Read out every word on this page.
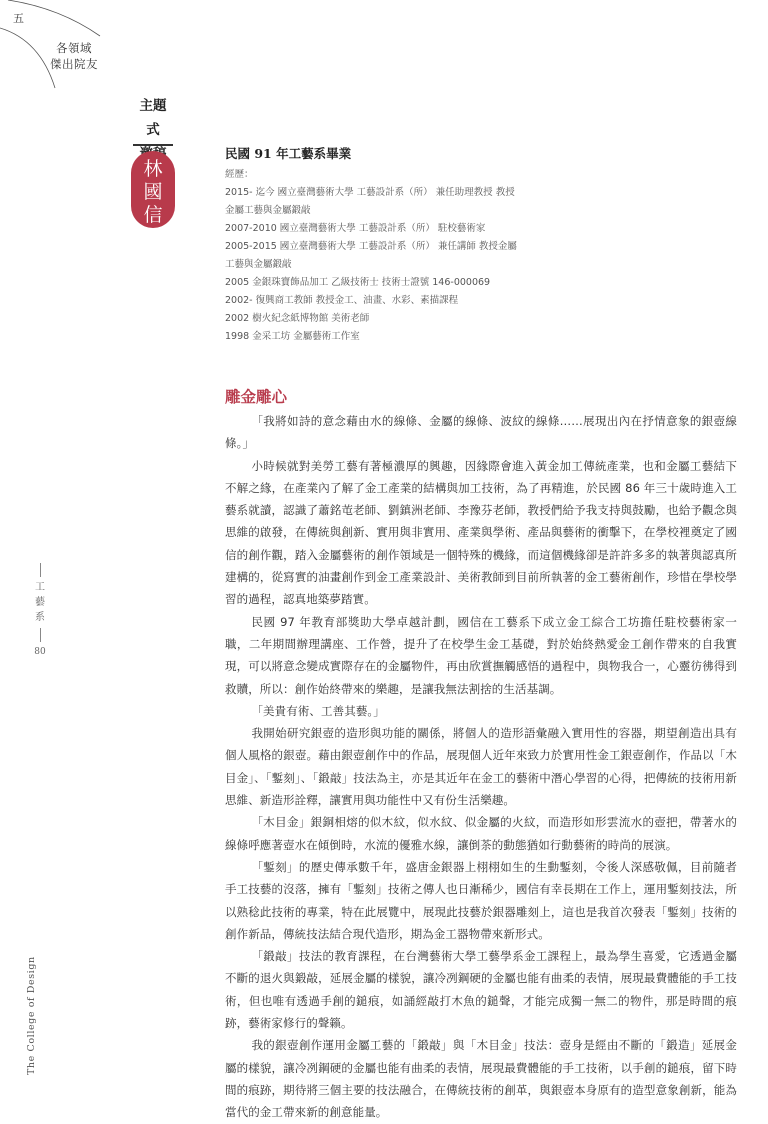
五
各領域
傑出院友
主題式
林
國
信
民國 91 年工藝系畢業
經歷：
2015- 迄今 國立臺灣藝術大學 工藝設計系（所） 兼任助理教授 教授
金屬工藝與金屬鍛敲
2007-2010 國立臺灣藝術大學 工藝設計系（所） 駐校藝術家
2005-2015 國立臺灣藝術大學 工藝設計系（所） 兼任講師 教授金屬
工藝與金屬鍛敲
2005 金銀珠寶飾品加工 乙級技術士 技術士證號 146-000069
2002- 復興商工教師 教授金工、油畫、水彩、素描課程
2002 樹火紀念紙博物館 美術老師
1998 金采工坊 金屬藝術工作室
雕金雕心

「我將如詩的意念藉由水的線條、金屬的線條、波紋的線條……展現出內在抒情意象的銀壺線條。」

小時候就對美勞工藝有著極濃厚的興趣，因緣際會進入黃金加工傳統產業，也和金屬工藝結下不解之緣，在產業內了解了金工產業的結構與加工技術，為了再精進，於民國 86 年三十歲時進入工藝系就讀，認識了蕭銘芚老師、劉鎮洲老師、李豫芬老師，教授們給予我支持與鼓勵，也給予觀念與思維的啟發，在傳統與創新、實用與非實用、產業與學術、產品與藝術的衝擊下，在學校裡奠定了國信的創作觀，踏入金屬藝術的創作領域是一個特殊的機緣，而這個機緣卻是許許多多的執著與認真所建構的，從寫實的油畫創作到金工產業設計、美術教師到目前所執著的金工藝術創作，珍惜在學校學習的過程，認真地築夢踏實。

民國 97 年教育部獎助大學卓越計劃，國信在工藝系下成立金工綜合工坊擔任駐校藝術家一職，二年期間辦理講座、工作營，提升了在校學生金工基礎，對於始終熱愛金工創作帶來的自我實現，可以將意念變成實際存在的金屬物件，再由欣賞撫觸感悟的過程中，與物我合一，心靈彷彿得到救贖，所以：創作始終帶來的樂趣，是讓我無法割捨的生活基調。

「美貴有術、工善其藝。」

我開始研究銀壺的造形與功能的關係，將個人的造形語彙融入實用性的容器，期望創造出具有個人風格的銀壺。藉由銀壺創作中的作品，展現個人近年來致力於實用性金工銀壺創作，作品以「木目金」、「鏨刻」、「鍛敲」技法為主，亦是其近年在金工的藝術中潛心學習的心得，把傳統的技術用新思維、新造形詮釋，讓實用與功能性中又有份生活樂趣。

「木目金」銀銅相熔的似木紋，似水紋、似金屬的火紋，而造形如形雲流水的壺把，帶著水的線條呼應著壺水在傾倒時，水流的優雅水線，讓倒茶的動態猶如行動藝術的時尚的展演。

「鏨刻」的歷史傳承數千年，盛唐金銀器上栩栩如生的生動鏨刻，令後人深感敬佩，目前隨者手工技藝的沒落，擁有「鏨刻」技術之傳人也日漸稀少，國信有幸長期在工作上，運用鏨刻技法，所以熟稔此技術的專業，特在此展覽中，展現此技藝於銀器雕刻上，這也是我首次發表「鏨刻」技術的創作新品，傳統技法結合現代造形，期為金工器物帶來新形式。

「鍛敲」技法的教育課程，在台灣藝術大學工藝學系金工課程上，最為學生喜愛，它透過金屬不斷的退火與鍛敲，延展金屬的樣貌，讓冷冽鋼硬的金屬也能有曲柔的表情，展現最費體能的手工技術，但也唯有透過手創的鎚痕，如誦經敲打木魚的鎚聲，才能完成獨一無二的物件，那是時間的痕跡，藝術家修行的聲籟。

我的銀壺創作運用金屬工藝的「鍛敲」與「木目金」技法：壺身是經由不斷的「鍛造」延展金屬的樣貌，讓冷冽鋼硬的金屬也能有曲柔的表情，展現最費體能的手工技術，以手創的鎚痕，留下時間的痕跡，期待將三個主要的技法融合，在傳統技術的創革，與銀壺本身原有的造型意象創新，能為當代的金工帶來新的創意能量。

工
藝
系
80
The College of Design
